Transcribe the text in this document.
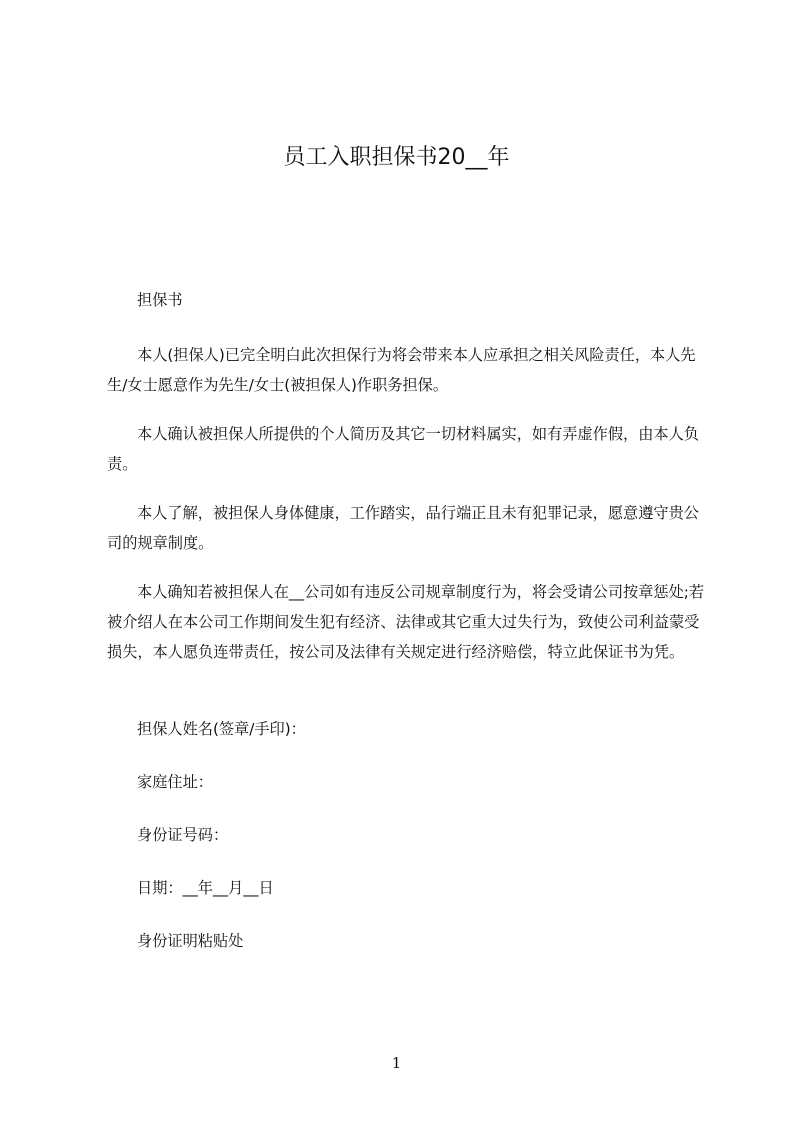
员工入职担保书20__年

担保书

本人(担保人)已完全明白此次担保行为将会带来本人应承担之相关风险责任，本人先生/女士愿意作为先生/女士(被担保人)作职务担保。

本人确认被担保人所提供的个人简历及其它一切材料属实，如有弄虚作假，由本人负责。

本人了解，被担保人身体健康，工作踏实，品行端正且未有犯罪记录，愿意遵守贵公司的规章制度。

本人确知若被担保人在__公司如有违反公司规章制度行为，将会受请公司按章惩处;若被介绍人在本公司工作期间发生犯有经济、法律或其它重大过失行为，致使公司利益蒙受损失，本人愿负连带责任，按公司及法律有关规定进行经济赔偿，特立此保证书为凭。

担保人姓名(签章/手印)：

家庭住址：

身份证号码：

日期：__年__月__日

身份证明粘贴处

1
